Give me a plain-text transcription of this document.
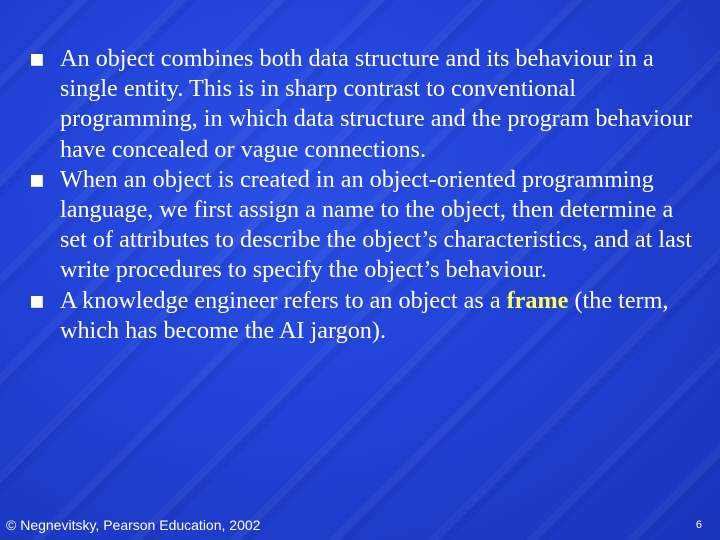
An object combines both data structure and its behaviour in a single entity. This is in sharp contrast to conventional programming, in which data structure and the program behaviour have concealed or vague connections.
When an object is created in an object-oriented programming language, we first assign a name to the object, then determine a set of attributes to describe the object’s characteristics, and at last write procedures to specify the object’s behaviour.
A knowledge engineer refers to an object as a frame (the term, which has become the AI jargon).
© Negnevitsky, Pearson Education, 2002	6
